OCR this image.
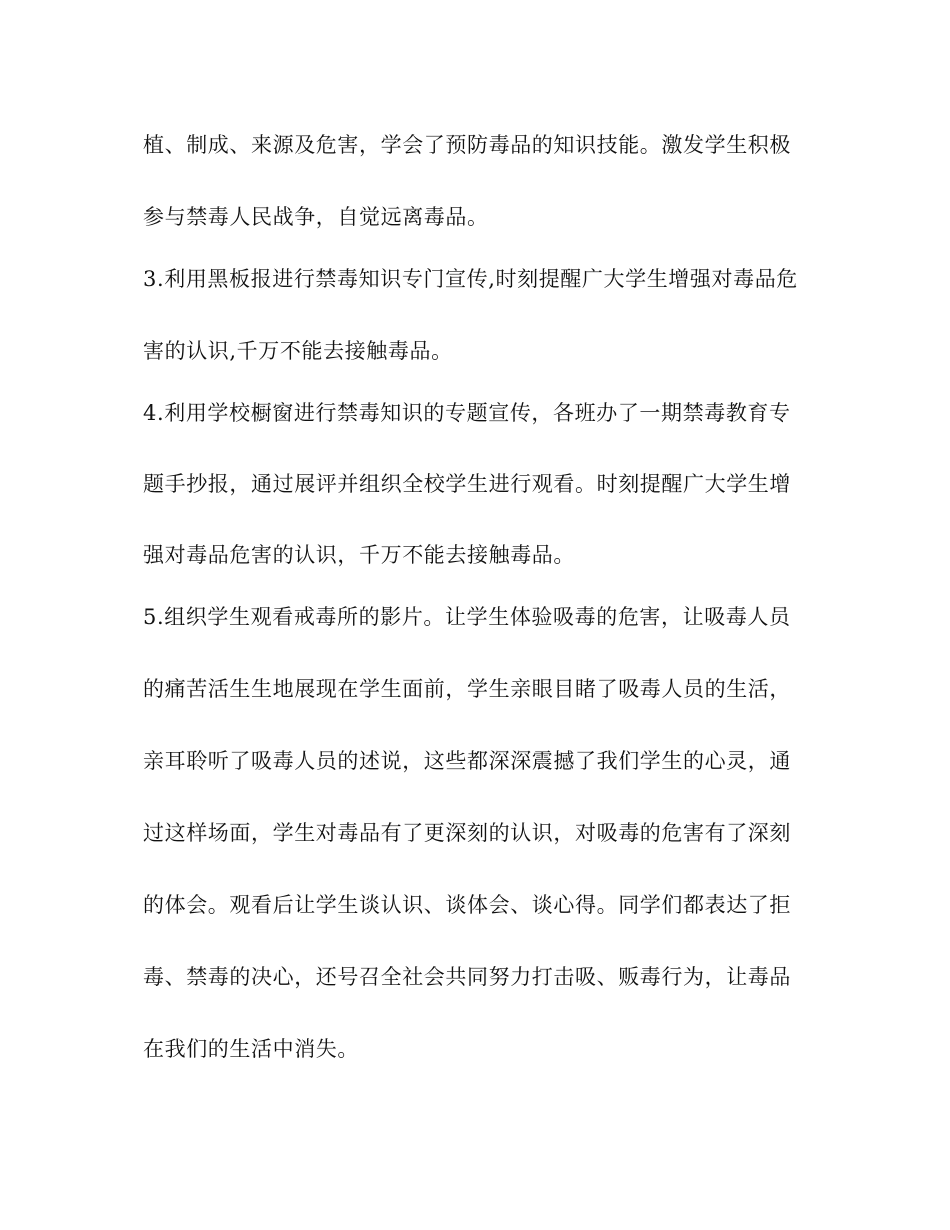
植、制成、来源及危害，学会了预防毒品的知识技能。激发学生积极
参与禁毒人民战争，自觉远离毒品。
3.利用黑板报进行禁毒知识专门宣传,时刻提醒广大学生增强对毒品危
害的认识,千万不能去接触毒品。
4.利用学校橱窗进行禁毒知识的专题宣传，各班办了一期禁毒教育专
题手抄报，通过展评并组织全校学生进行观看。时刻提醒广大学生增
强对毒品危害的认识，千万不能去接触毒品。
5.组织学生观看戒毒所的影片。让学生体验吸毒的危害，让吸毒人员
的痛苦活生生地展现在学生面前，学生亲眼目睹了吸毒人员的生活，
亲耳聆听了吸毒人员的述说，这些都深深震撼了我们学生的心灵，通
过这样场面，学生对毒品有了更深刻的认识，对吸毒的危害有了深刻
的体会。观看后让学生谈认识、谈体会、谈心得。同学们都表达了拒
毒、禁毒的决心，还号召全社会共同努力打击吸、贩毒行为，让毒品
在我们的生活中消失。
